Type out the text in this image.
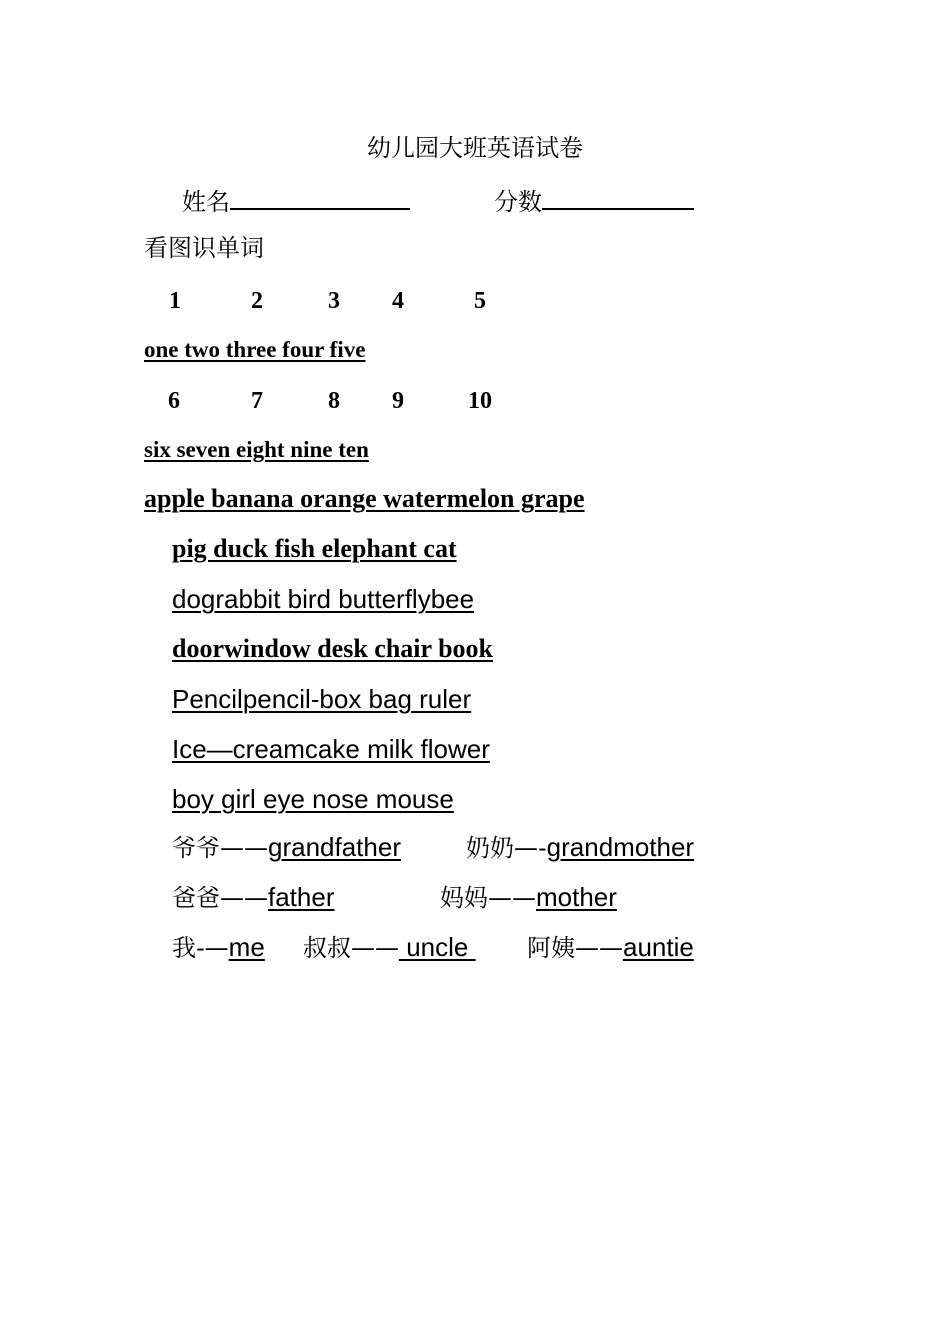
幼儿园大班英语试卷
姓名	分数
看图识单词
1	2	3 4	5
one two three four five
6	7	8 9	10
six seven eight nine ten
apple banana orange watermelon grape
pig duck fish elephant cat
dograbbit bird butterflybee
doorwindow desk chair book
Pencilpencil-box bag ruler
Ice—creamcake milk flower
boy girl eye nose mouse
爷爷——grandfather	奶奶—-grandmother
爸爸——father	妈妈——mother
我-—me 叔叔—— uncle 阿姨——auntie
